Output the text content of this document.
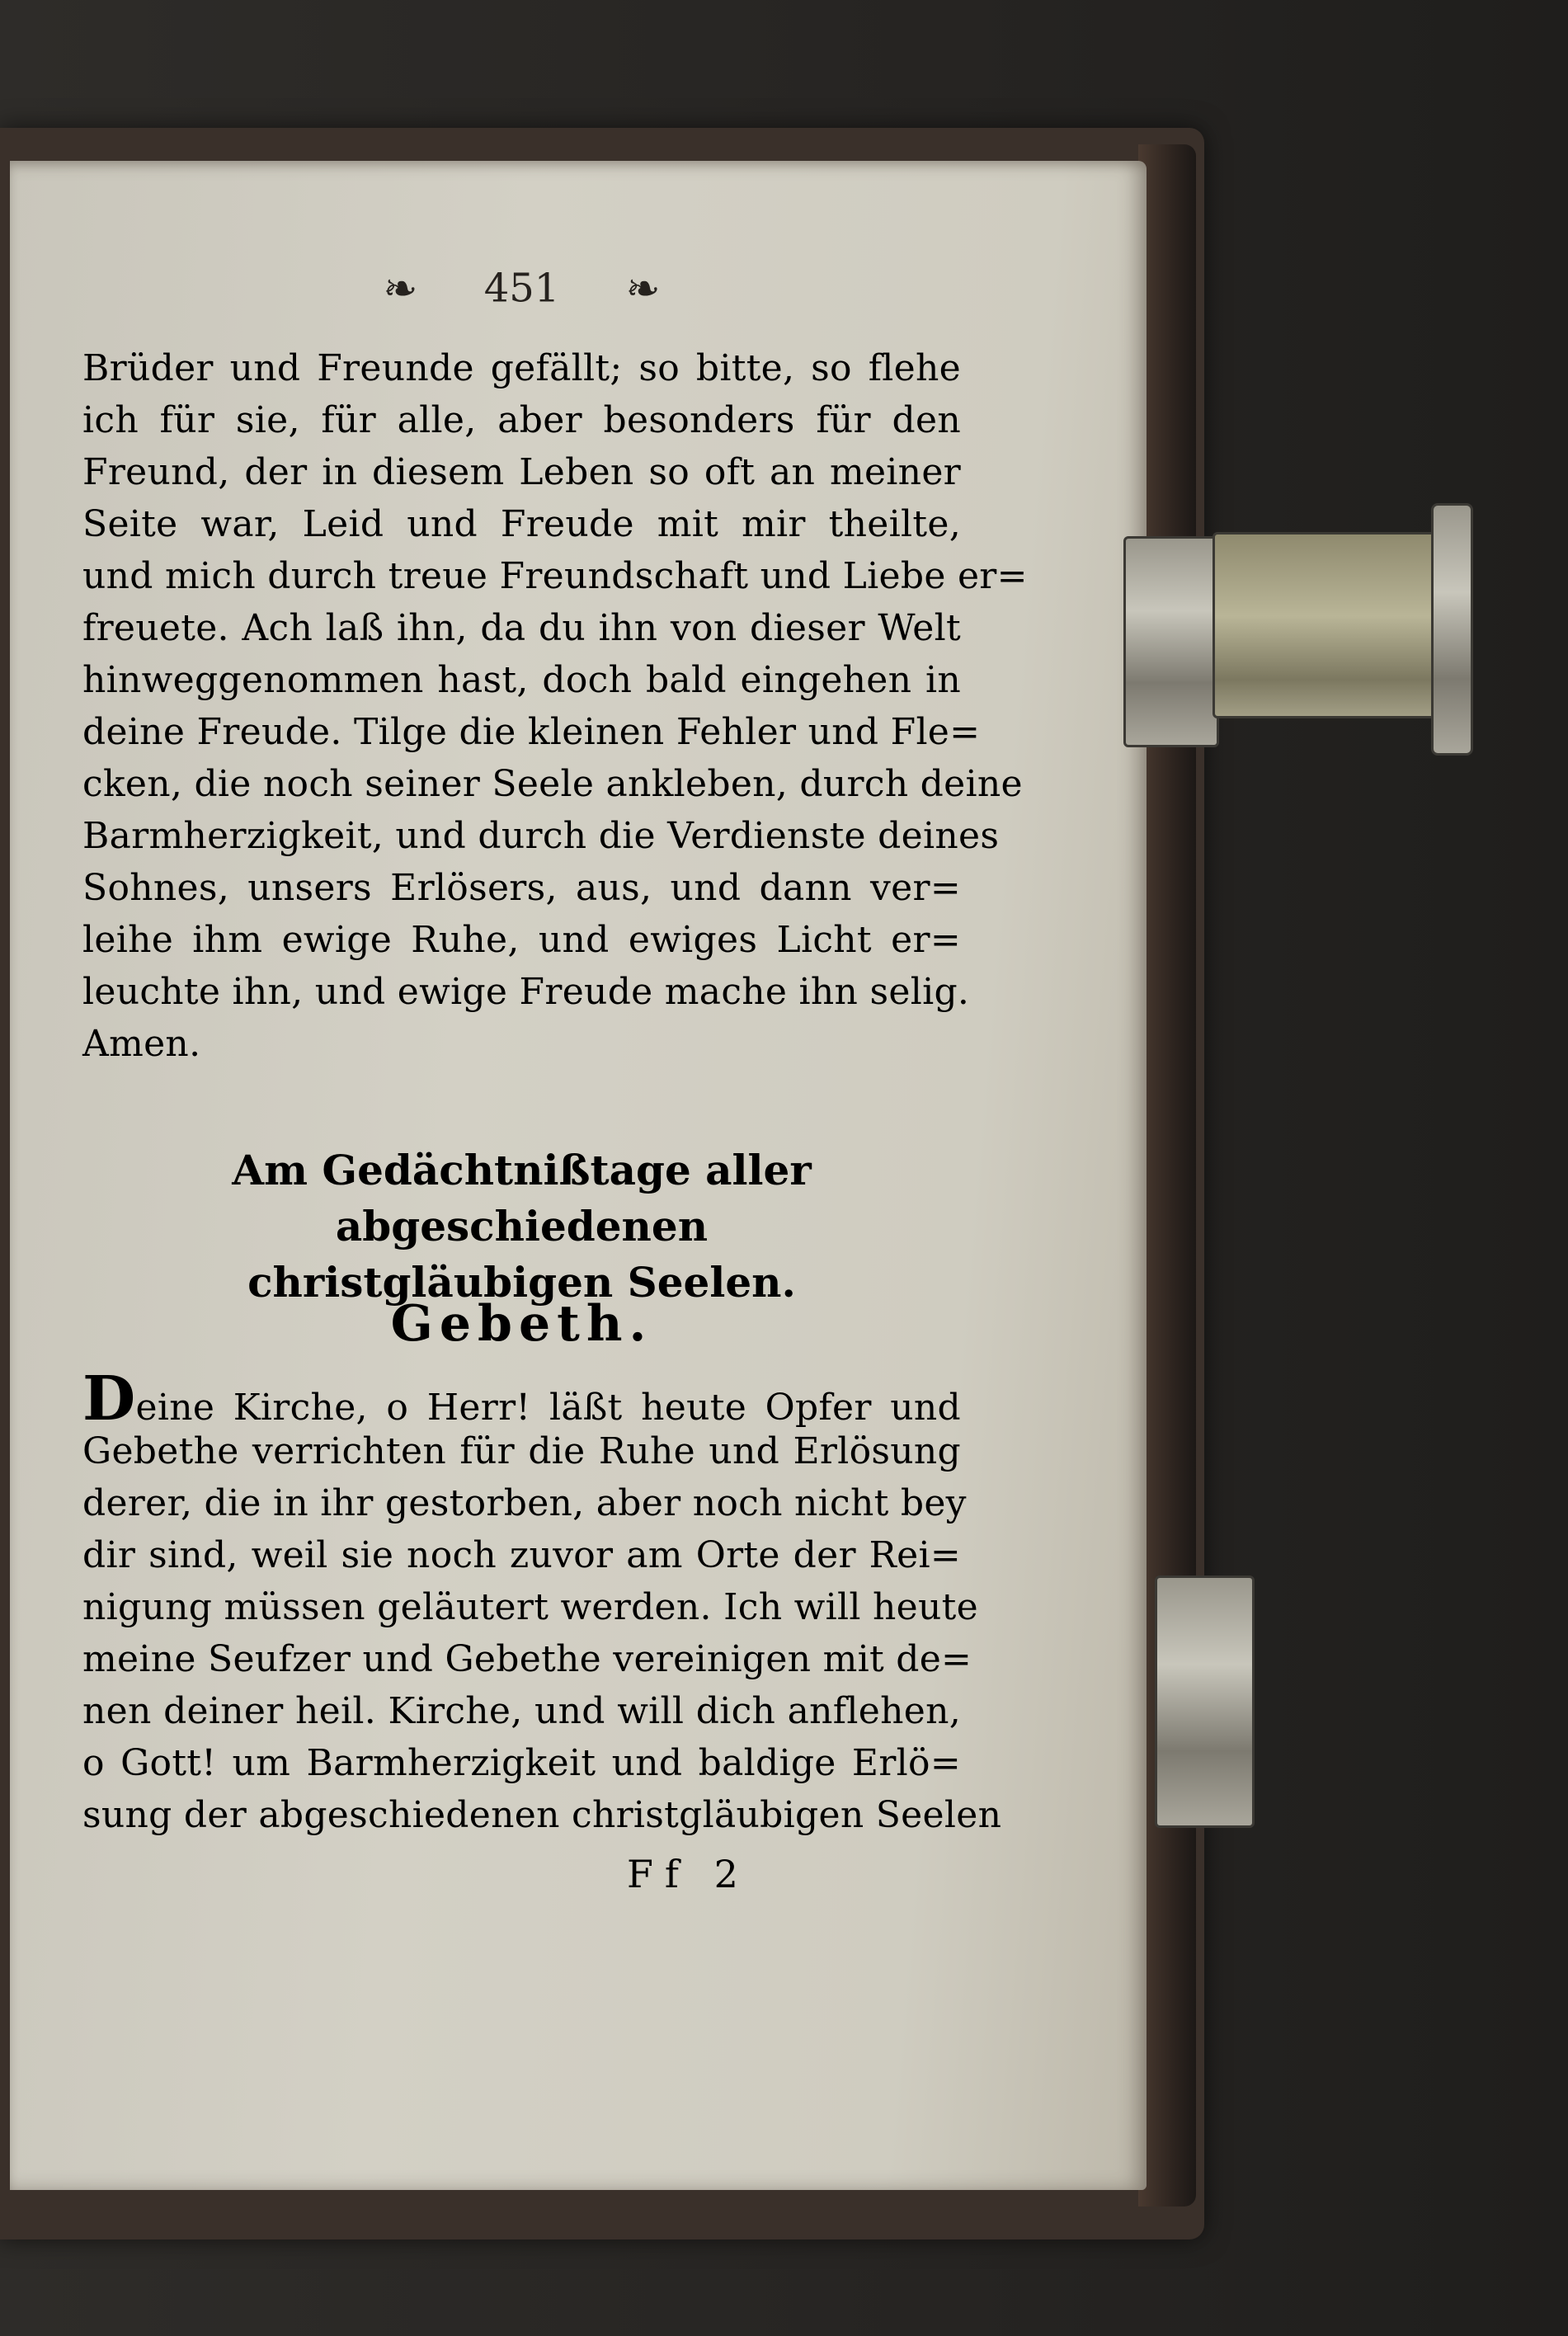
❧ 451 ❧
Brüder und Freunde gefällt; so bitte, so flehe
ich für sie, für alle, aber besonders für den
Freund, der in diesem Leben so oft an meiner
Seite war, Leid und Freude mit mir theilte,
und mich durch treue Freundschaft und Liebe er=
freuete. Ach laß ihn, da du ihn von dieser Welt
hinweggenommen hast, doch bald eingehen in
deine Freude. Tilge die kleinen Fehler und Fle=
cken, die noch seiner Seele ankleben, durch deine
Barmherzigkeit, und durch die Verdienste deines
Sohnes, unsers Erlösers, aus, und dann ver=
leihe ihm ewige Ruhe, und ewiges Licht er=
leuchte ihn, und ewige Freude mache ihn selig.
Amen.
Am Gedächtnißtage aller abgeschiedenen
christgläubigen Seelen.
Gebeth.
Deine Kirche, o Herr! läßt heute Opfer und
Gebethe verrichten für die Ruhe und Erlösung
derer, die in ihr gestorben, aber noch nicht bey
dir sind, weil sie noch zuvor am Orte der Rei=
nigung müssen geläutert werden. Ich will heute
meine Seufzer und Gebethe vereinigen mit de=
nen deiner heil. Kirche, und will dich anflehen,
o Gott! um Barmherzigkeit und baldige Erlö=
sung der abgeschiedenen christgläubigen Seelen
Ff 2
